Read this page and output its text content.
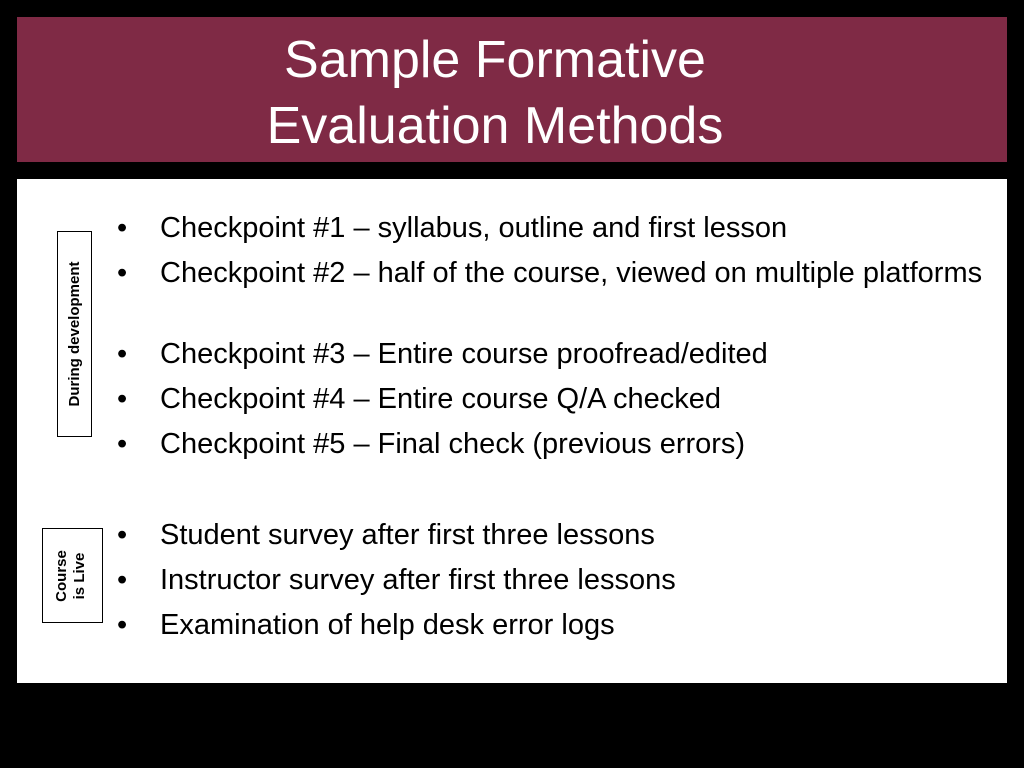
Sample Formative
Evaluation Methods
During development
Course is Live
•	Checkpoint #1 – syllabus, outline and first lesson
•	Checkpoint #2 – half of the course, viewed on multiple platforms
•	Checkpoint #3 – Entire course proofread/edited
•	Checkpoint #4 – Entire course Q/A checked
•	Checkpoint #5 – Final check (previous errors)
•	Student survey after first three lessons
•	Instructor survey after first three lessons
•	Examination of help desk error logs
